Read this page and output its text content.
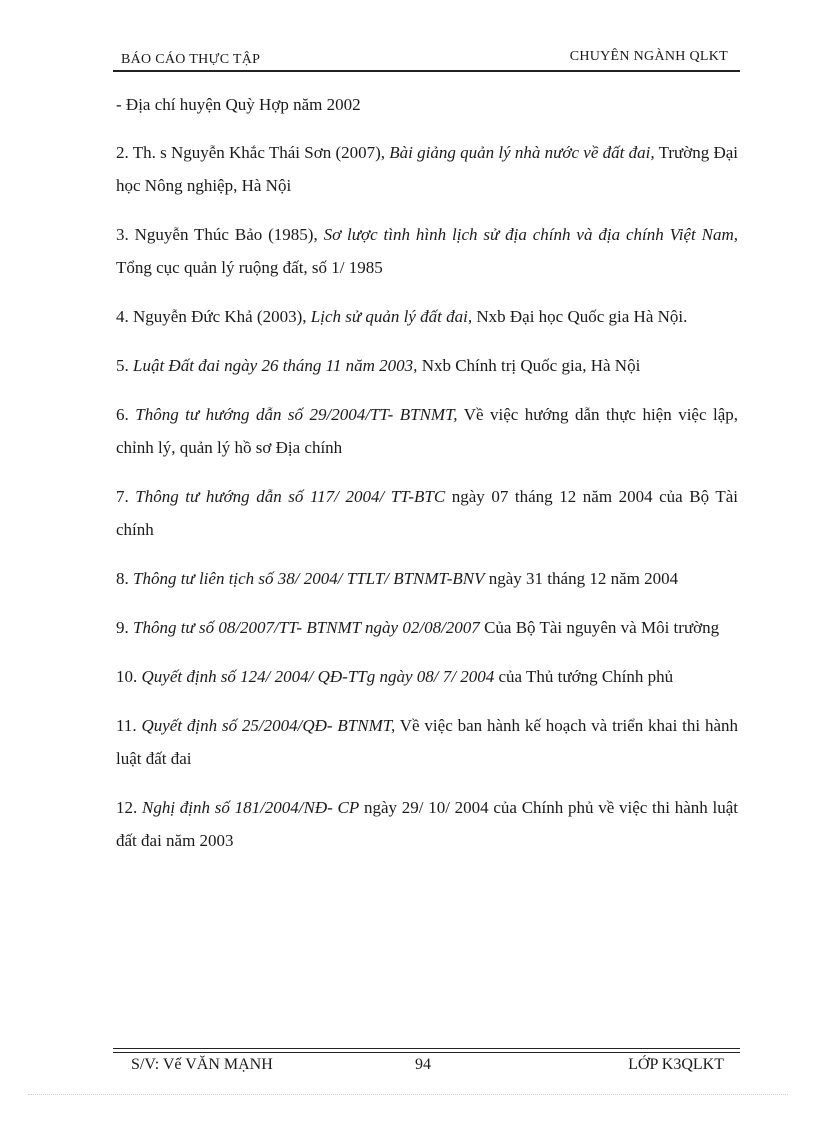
BÁO CÁO THỰC TẬP	CHUYÊN NGÀNH QLKT

- Địa chí huyện Quỳ Hợp năm 2002

2. Th. s Nguyễn Khắc Thái Sơn (2007), Bài giảng quản lý nhà nước về đất đai, Trường Đại học Nông nghiệp, Hà Nội

3. Nguyễn Thúc Bảo (1985), Sơ lược tình hình lịch sử địa chính và địa chính Việt Nam, Tổng cục quản lý ruộng đất, số 1/ 1985

4. Nguyễn Đức Khả (2003), Lịch sử quản lý đất đai, Nxb Đại học Quốc gia Hà Nội.

5. Luật Đất đai ngày 26 tháng 11 năm 2003, Nxb Chính trị Quốc gia, Hà Nội

6. Thông tư hướng dẫn số 29/2004/TT- BTNMT, Về việc hướng dẫn thực hiện việc lập, chỉnh lý, quản lý hồ sơ Địa chính

7. Thông tư hướng dẫn số 117/ 2004/ TT-BTC ngày 07 tháng 12 năm 2004 của Bộ Tài chính

8. Thông tư liên tịch số 38/ 2004/ TTLT/ BTNMT-BNV ngày 31 tháng 12 năm 2004

9. Thông tư số 08/2007/TT- BTNMT ngày 02/08/2007 Của Bộ Tài nguyên và Môi trường

10. Quyết định số 124/ 2004/ QĐ-TTg ngày 08/ 7/ 2004 của Thủ tướng Chính phủ

11. Quyết định số 25/2004/QĐ- BTNMT, Về việc ban hành kế hoạch và triển khai thi hành luật đất đai

12. Nghị định số 181/2004/NĐ- CP ngày 29/ 10/ 2004 của Chính phủ về việc thi hành luật đất đai năm 2003

S/V: Vế VĂN MẠNH	94	LỚP K3QLKT
